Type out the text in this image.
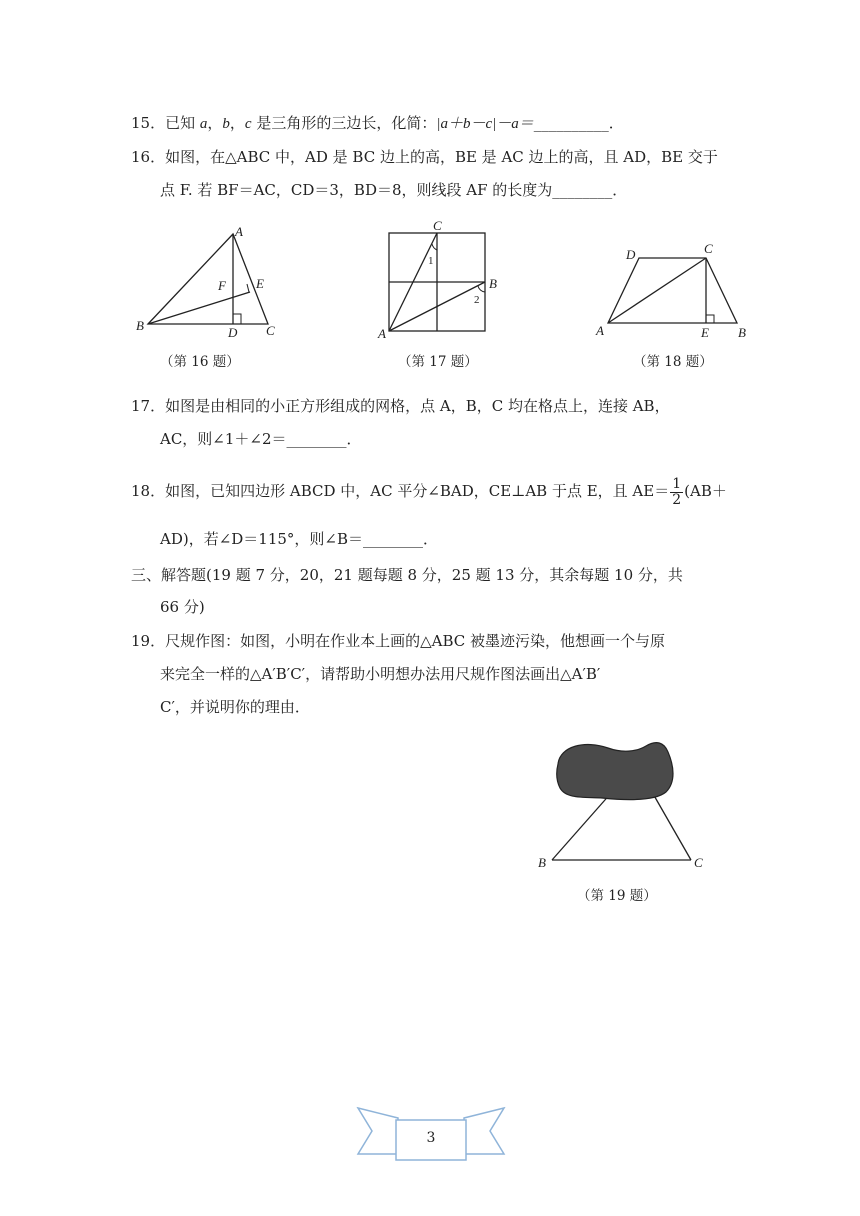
15．已知 a，b，c 是三角形的三边长，化简：|a＋b－c|－a＝__________．
16．如图，在△ABC 中，AD 是 BC 边上的高，BE 是 AC 边上的高，且 AD，BE 交于
点 F. 若 BF＝AC，CD＝3，BD＝8，则线段 AF 的长度为________．
A
B	C
D
E
F
（第 16 题）
A
B
C
1
2
（第 17 题）
A	B
C
D
E
（第 18 题）
17．如图是由相同的小正方形组成的网格，点 A，B，C 均在格点上，连接 AB，
AC，则∠1＋∠2＝________．
18．如图，已知四边形 ABCD 中，AC 平分∠BAD，CE⊥AB 于点 E，且 $AE= \frac{1}{2} (AB+$
AD)，若∠D＝115°，则∠B＝________．
三、解答题(19 题 7 分，20，21 题每题 8 分，25 题 13 分，其余每题 10 分，共
66 分)
19．尺规作图：如图，小明在作业本上画的△ABC 被墨迹污染，他想画一个与原
来完全一样的△A′B′C′，请帮助小明想办法用尺规作图法画出△A′B′
C′，并说明你的理由．
B	C
（第 19 题）
3
